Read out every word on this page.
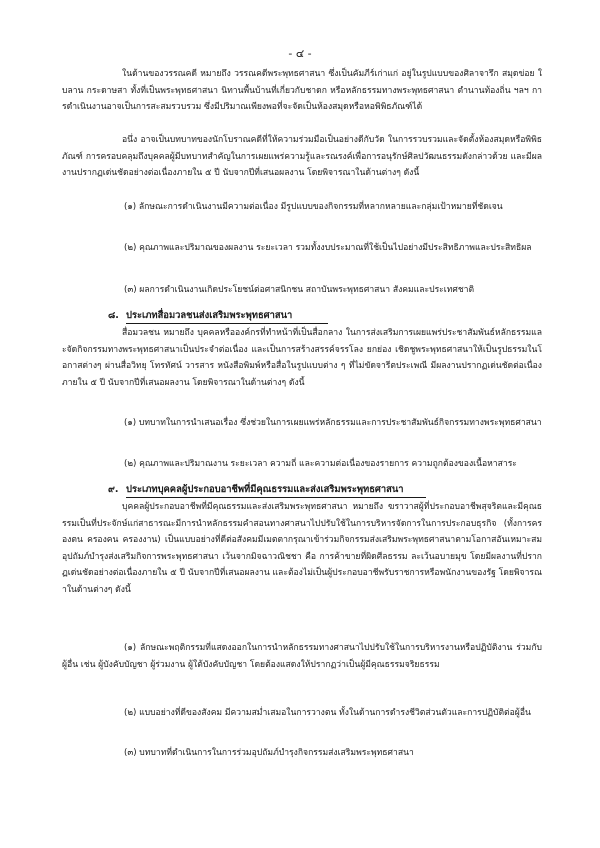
- ๔ -
ในด้านของวรรณคดี หมายถึง วรรณคดีพระพุทธศาสนา ซึ่งเป็นคัมภีร์เก่าแก่ อยู่ในรูปแบบของศิลาจารึก สมุดข่อย ใบลาน กระดาษสา ทั้งที่เป็นพระพุทธศาสนา นิทานพื้นบ้านที่เกี่ยวกับชาดก หรือหลักธรรมทางพระพุทธศาสนา ตำนานท้องถิ่น ฯลฯ การดำเนินงานอาจเป็นการสะสมรวบรวม ซึ่งมีปริมาณเพียงพอที่จะจัดเป็นห้องสมุดหรือหอพิพิธภัณฑ์ได้
อนึ่ง อาจเป็นบทบาทของนักโบราณคดีที่ให้ความร่วมมือเป็นอย่างดีกับวัด ในการรวบรวมและจัดตั้งห้องสมุดหรือพิพิธภัณฑ์ การครอบคลุมถึงบุคคลผู้มีบทบาทสำคัญในการเผยแพร่ความรู้และรณรงค์เพื่อการอนุรักษ์ศิลปวัฒนธรรมดังกล่าวด้วย และมีผลงานปรากฏเด่นชัดอย่างต่อเนื่องภายใน ๕ ปี นับจากปีที่เสนอผลงาน โดยพิจารณาในด้านต่างๆ ดังนี้
(๑) ลักษณะการดำเนินงานมีความต่อเนื่อง มีรูปแบบของกิจกรรมที่หลากหลายและกลุ่มเป้าหมายที่ชัดเจน
(๒) คุณภาพและปริมาณของผลงาน ระยะเวลา รวมทั้งงบประมาณที่ใช้เป็นไปอย่างมีประสิทธิภาพและประสิทธิผล
(๓) ผลการดำเนินงานเกิดประโยชน์ต่อศาสนิกชน สถาบันพระพุทธศาสนา สังคมและประเทศชาติ
๘. ประเภทสื่อมวลชนส่งเสริมพระพุทธศาสนา
สื่อมวลชน หมายถึง บุคคลหรือองค์กรที่ทำหน้าที่เป็นสื่อกลาง ในการส่งเสริมการเผยแพร่ประชาสัมพันธ์หลักธรรมและจัดกิจกรรมทางพระพุทธศาสนาเป็นประจำต่อเนื่อง และเป็นการสร้างสรรค์จรรโลง ยกย่อง เชิดชูพระพุทธศาสนาให้เป็นรูปธรรมในโอกาสต่างๆ ผ่านสื่อวิทยุ โทรทัศน์ วารสาร หนังสือพิมพ์หรือสื่อในรูปแบบต่าง ๆ ที่ไม่ขัดจารีตประเพณี มีผลงานปรากฏเด่นชัดต่อเนื่อง ภายใน ๕ ปี นับจากปีที่เสนอผลงาน โดยพิจารณาในด้านต่างๆ ดังนี้
(๑) บทบาทในการนำเสนอเรื่อง ซึ่งช่วยในการเผยแพร่หลักธรรมและการประชาสัมพันธ์กิจกรรมทางพระพุทธศาสนา
(๒) คุณภาพและปริมาณงาน ระยะเวลา ความถี่ และความต่อเนื่องของรายการ ความถูกต้องของเนื้อหาสาระ
๙. ประเภทบุคคลผู้ประกอบอาชีพที่มีคุณธรรมและส่งเสริมพระพุทธศาสนา
บุคคลผู้ประกอบอาชีพที่มีคุณธรรมและส่งเสริมพระพุทธศาสนา หมายถึง ฆราวาสผู้ที่ประกอบอาชีพสุจริตและมีคุณธรรมเป็นที่ประจักษ์แก่สาธารณะมีการนำหลักธรรมคำสอนทางศาสนาไปปรับใช้ในการบริหารจัดการในการประกอบธุรกิจ (ทั้งการครองตน ครองคน ครองงาน) เป็นแบบอย่างที่ดีต่อสังคมมีเมตตากรุณาเข้าร่วมกิจกรรมส่งเสริมพระพุทธศาสนาตามโอกาสอันเหมาะสม อุปถัมภ์บำรุงส่งเสริมกิจการพระพุทธศาสนา เว้นจากมิจฉาวณิชชา คือ การค้าขายที่ผิดศีลธรรม ละเว้นอบายมุข โดยมีผลงานที่ปรากฏเด่นชัดอย่างต่อเนื่องภายใน ๕ ปี นับจากปีที่เสนอผลงาน และต้องไม่เป็นผู้ประกอบอาชีพรับราชการหรือพนักงานของรัฐ โดยพิจารณาในด้านต่างๆ ดังนี้
(๑) ลักษณะพฤติกรรมที่แสดงออกในการนำหลักธรรมทางศาสนาไปปรับใช้ในการบริหารงานหรือปฏิบัติงาน ร่วมกับผู้อื่น เช่น ผู้บังคับบัญชา ผู้ร่วมงาน ผู้ใต้บังคับบัญชา โดยต้องแสดงให้ปรากฏว่าเป็นผู้มีคุณธรรมจริยธรรม
(๒) แบบอย่างที่ดีของสังคม มีความสม่ำเสมอในการวางตน ทั้งในด้านการดำรงชีวิตส่วนตัวและการปฏิบัติต่อผู้อื่น
(๓) บทบาทที่ดำเนินการในการร่วมอุปถัมภ์บำรุงกิจกรรมส่งเสริมพระพุทธศาสนา
